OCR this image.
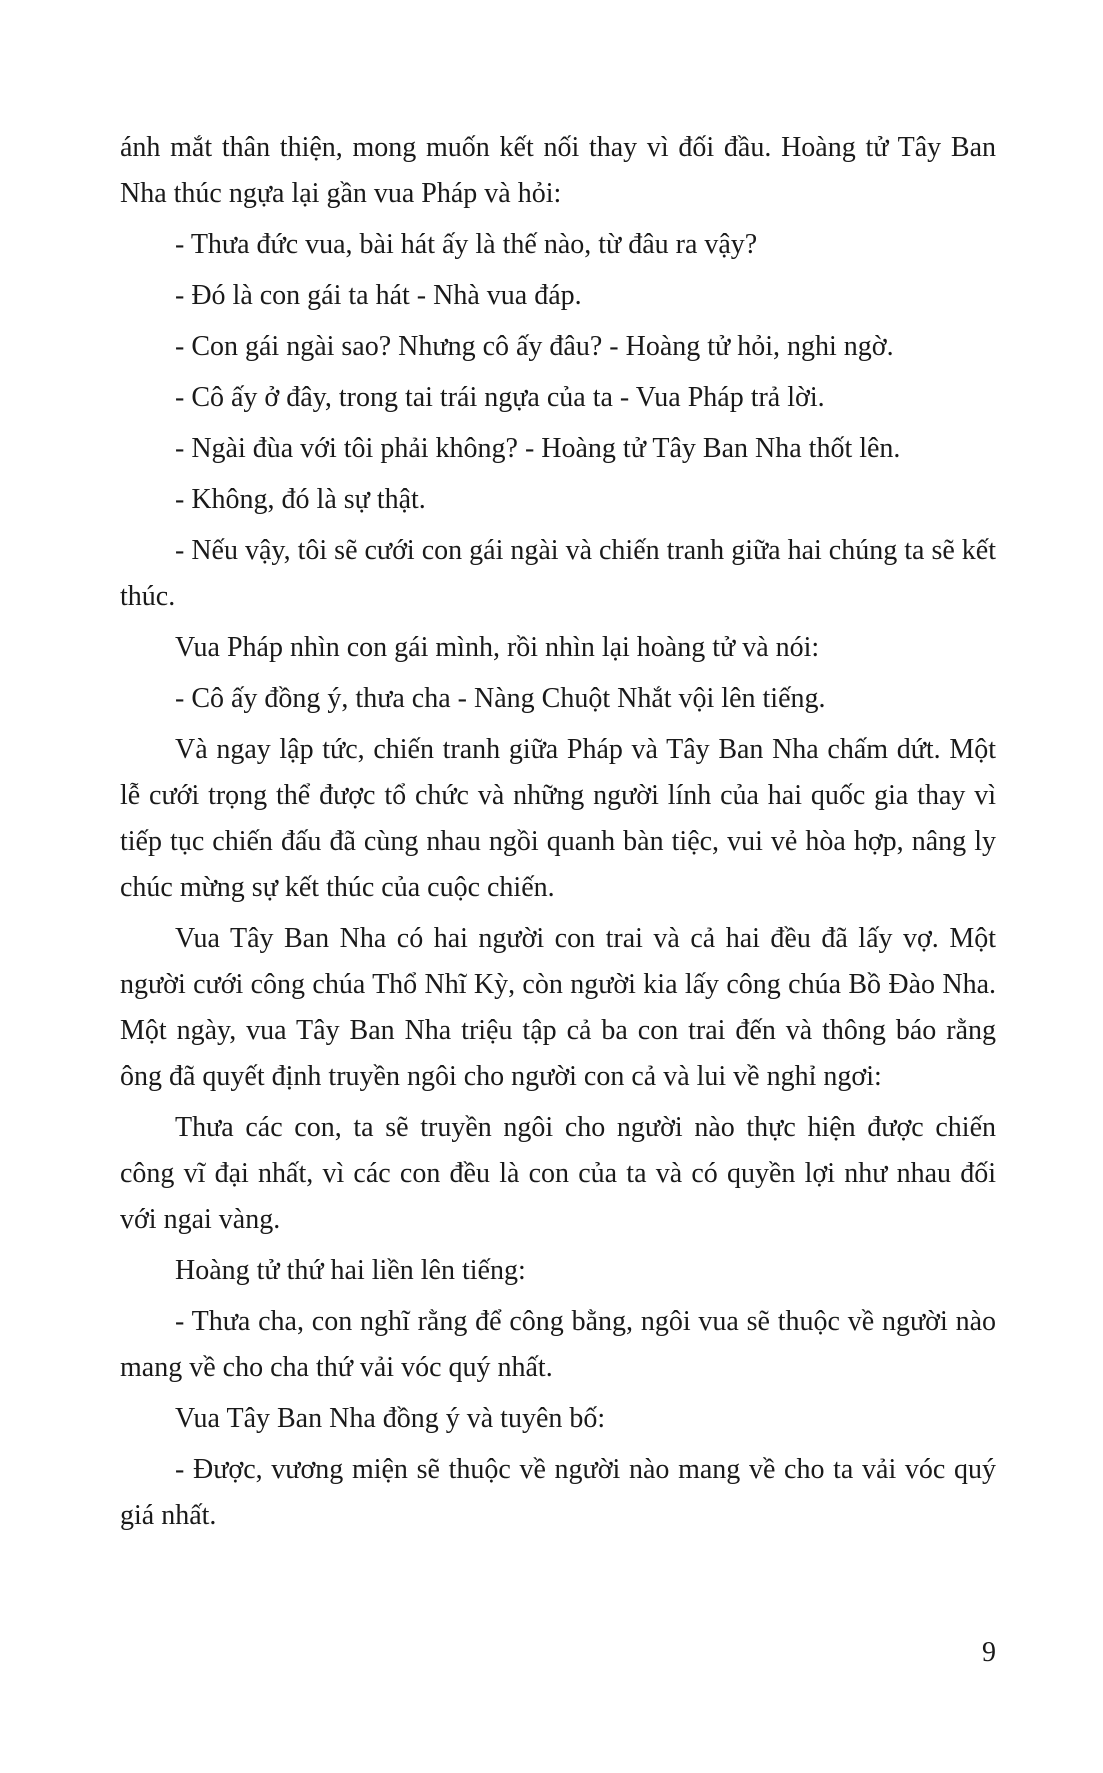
ánh mắt thân thiện, mong muốn kết nối thay vì đối đầu. Hoàng tử Tây Ban Nha thúc ngựa lại gần vua Pháp và hỏi:

- Thưa đức vua, bài hát ấy là thế nào, từ đâu ra vậy?

- Đó là con gái ta hát - Nhà vua đáp.

- Con gái ngài sao? Nhưng cô ấy đâu? - Hoàng tử hỏi, nghi ngờ.

- Cô ấy ở đây, trong tai trái ngựa của ta - Vua Pháp trả lời.

- Ngài đùa với tôi phải không? - Hoàng tử Tây Ban Nha thốt lên.

- Không, đó là sự thật.

- Nếu vậy, tôi sẽ cưới con gái ngài và chiến tranh giữa hai chúng ta sẽ kết thúc.

Vua Pháp nhìn con gái mình, rồi nhìn lại hoàng tử và nói:

- Cô ấy đồng ý, thưa cha - Nàng Chuột Nhắt vội lên tiếng.

Và ngay lập tức, chiến tranh giữa Pháp và Tây Ban Nha chấm dứt. Một lễ cưới trọng thể được tổ chức và những người lính của hai quốc gia thay vì tiếp tục chiến đấu đã cùng nhau ngồi quanh bàn tiệc, vui vẻ hòa hợp, nâng ly chúc mừng sự kết thúc của cuộc chiến.

Vua Tây Ban Nha có hai người con trai và cả hai đều đã lấy vợ. Một người cưới công chúa Thổ Nhĩ Kỳ, còn người kia lấy công chúa Bồ Đào Nha. Một ngày, vua Tây Ban Nha triệu tập cả ba con trai đến và thông báo rằng ông đã quyết định truyền ngôi cho người con cả và lui về nghỉ ngơi:

Thưa các con, ta sẽ truyền ngôi cho người nào thực hiện được chiến công vĩ đại nhất, vì các con đều là con của ta và có quyền lợi như nhau đối với ngai vàng.

Hoàng tử thứ hai liền lên tiếng:

- Thưa cha, con nghĩ rằng để công bằng, ngôi vua sẽ thuộc về người nào mang về cho cha thứ vải vóc quý nhất.

Vua Tây Ban Nha đồng ý và tuyên bố:

- Được, vương miện sẽ thuộc về người nào mang về cho ta vải vóc quý giá nhất.

9
